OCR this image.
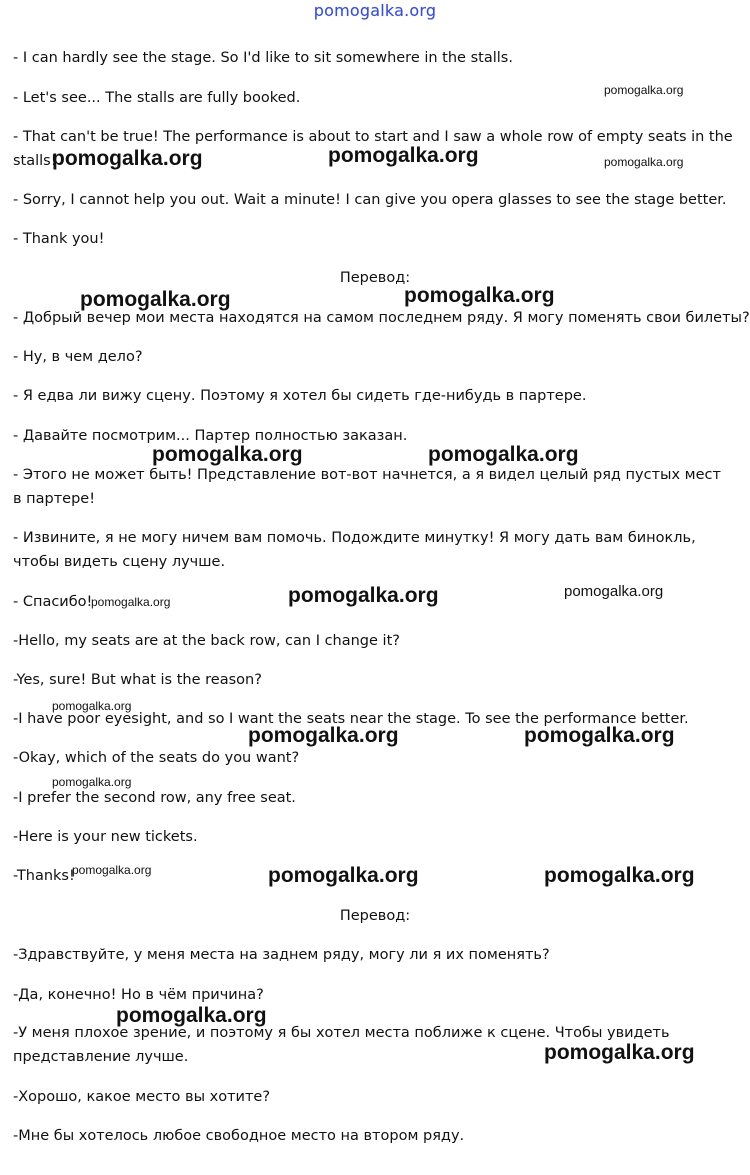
pomogalka.org
- I can hardly see the stage. So I'd like to sit somewhere in the stalls.
- Let's see... The stalls are fully booked.
- That can't be true! The performance is about to start and I saw a whole row of empty seats in the stalls!
- Sorry, I cannot help you out. Wait a minute! I can give you opera glasses to see the stage better.
- Thank you!
Перевод:
- Добрый вечер мои места находятся на самом последнем ряду. Я могу поменять свои билеты?
- Ну, в чем дело?
- Я едва ли вижу сцену. Поэтому я хотел бы сидеть где-нибудь в партере.
- Давайте посмотрим... Партер полностью заказан.
- Этого не может быть! Представление вот-вот начнется, а я видел целый ряд пустых мест в партере!
- Извините, я не могу ничем вам помочь. Подождите минутку! Я могу дать вам бинокль, чтобы видеть сцену лучше.
- Спасибо!
-Hello, my seats are at the back row, can I change it?
-Yes, sure! But what is the reason?
-I have poor eyesight, and so I want the seats near the stage. To see the performance better.
-Okay, which of the seats do you want?
-I prefer the second row, any free seat.
-Here is your new tickets.
-Thanks!
Перевод:
-Здравствуйте, у меня места на заднем ряду, могу ли я их поменять?
-Да, конечно! Но в чём причина?
-У меня плохое зрение, и поэтому я бы хотел места поближе к сцене. Чтобы увидеть представление лучше.
-Хорошо, какое место вы хотите?
-Мне бы хотелось любое свободное место на втором ряду.
pomogalka.org
pomogalka.org	pomogalka.org	pomogalka.org
pomogalka.org	pomogalka.org
pomogalka.org	pomogalka.org
pomogalka.org	pomogalka.org
pomogalka.org
pomogalka.org
pomogalka.org	pomogalka.org
pomogalka.org
pomogalka.org	pomogalka.org	pomogalka.org
pomogalka.org
pomogalka.org
